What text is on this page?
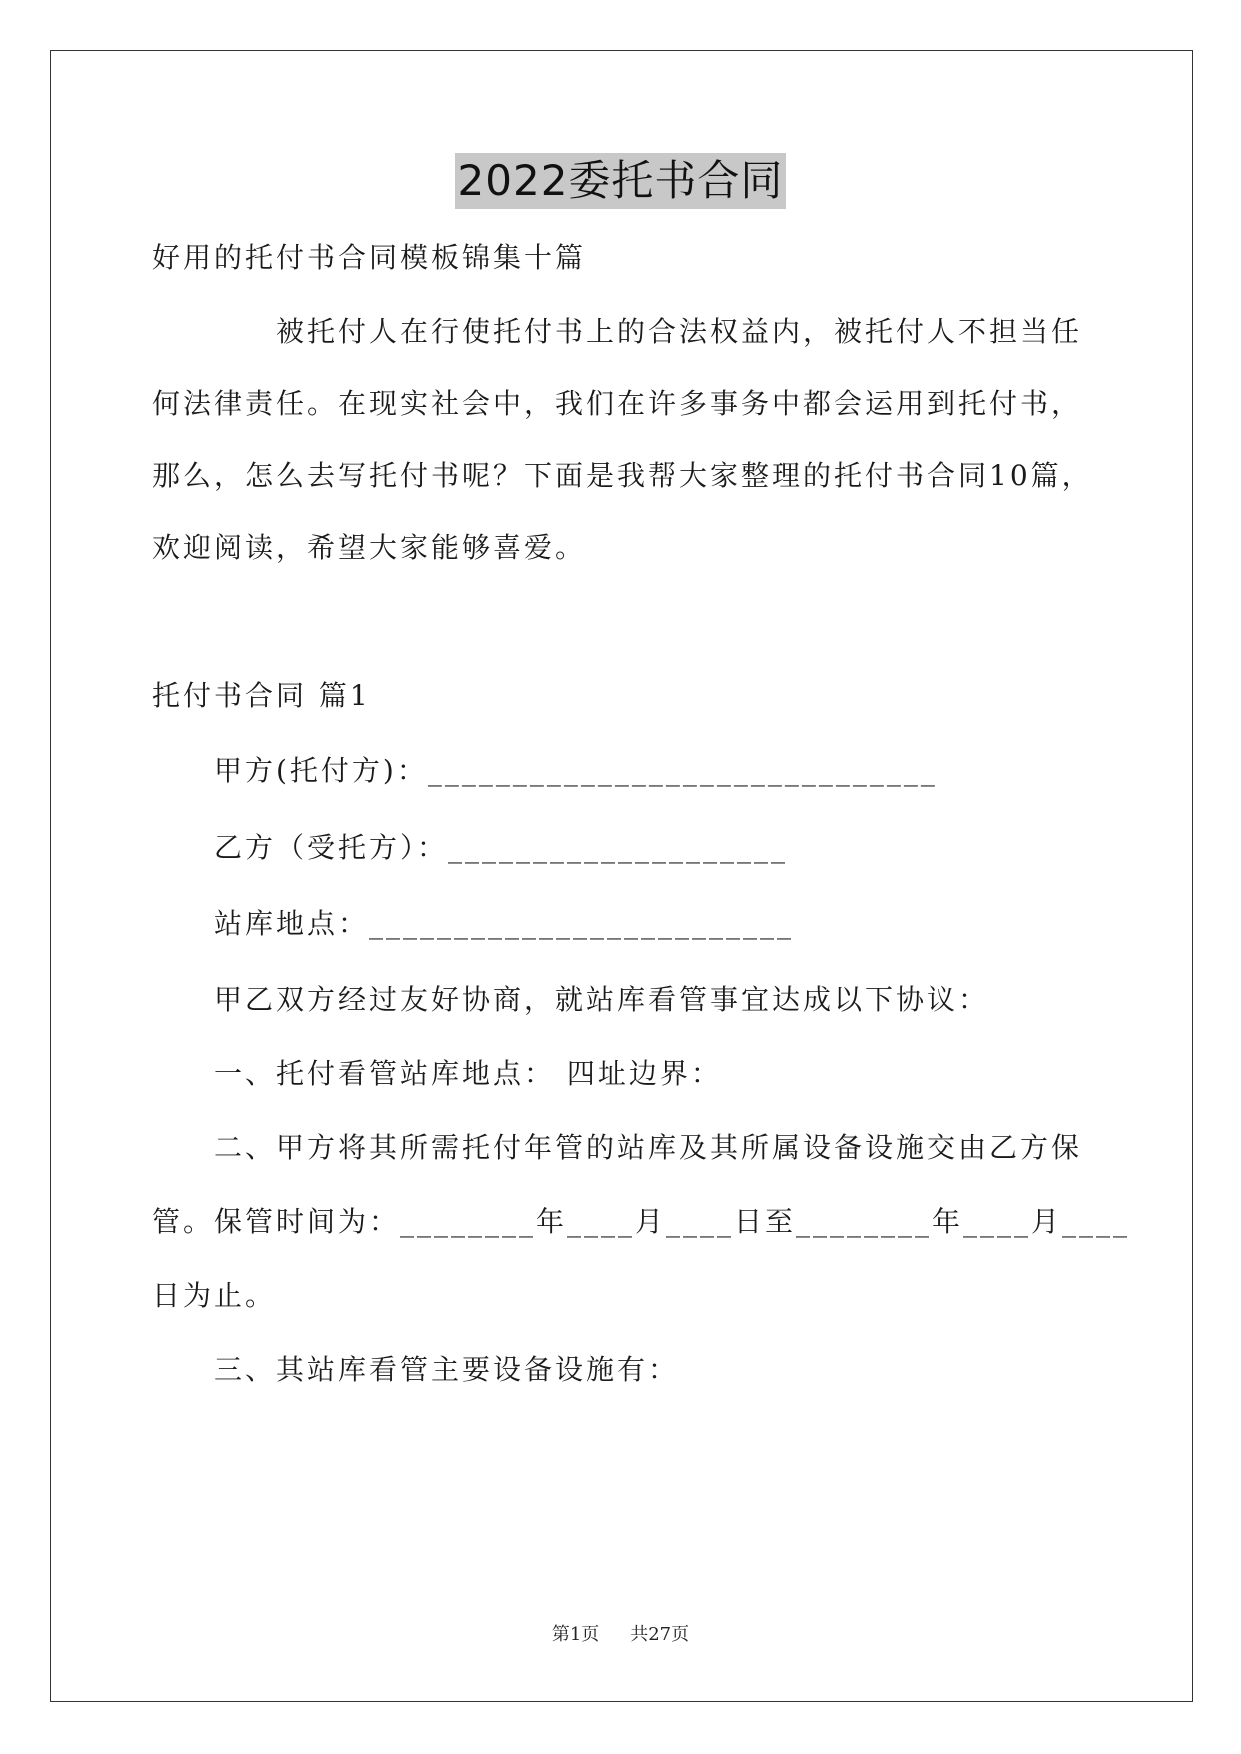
2022委托书合同
好用的托付书合同模板锦集十篇
被托付人在行使托付书上的合法权益内，被托付人不担当任
何法律责任。在现实社会中，我们在许多事务中都会运用到托付书，
那么，怎么去写托付书呢？下面是我帮大家整理的托付书合同10篇，
欢迎阅读，希望大家能够喜爱。
托付书合同 篇1
甲方(托付方)：______________________________
乙方（受托方）：____________________
站库地点：_________________________
甲乙双方经过友好协商，就站库看管事宜达成以下协议：
一、托付看管站库地点： 四址边界：
二、甲方将其所需托付年管的站库及其所属设备设施交由乙方保
管。保管时间为：________年____月____日至________年____月____
日为止。
三、其站库看管主要设备设施有：
第1页 共27页
